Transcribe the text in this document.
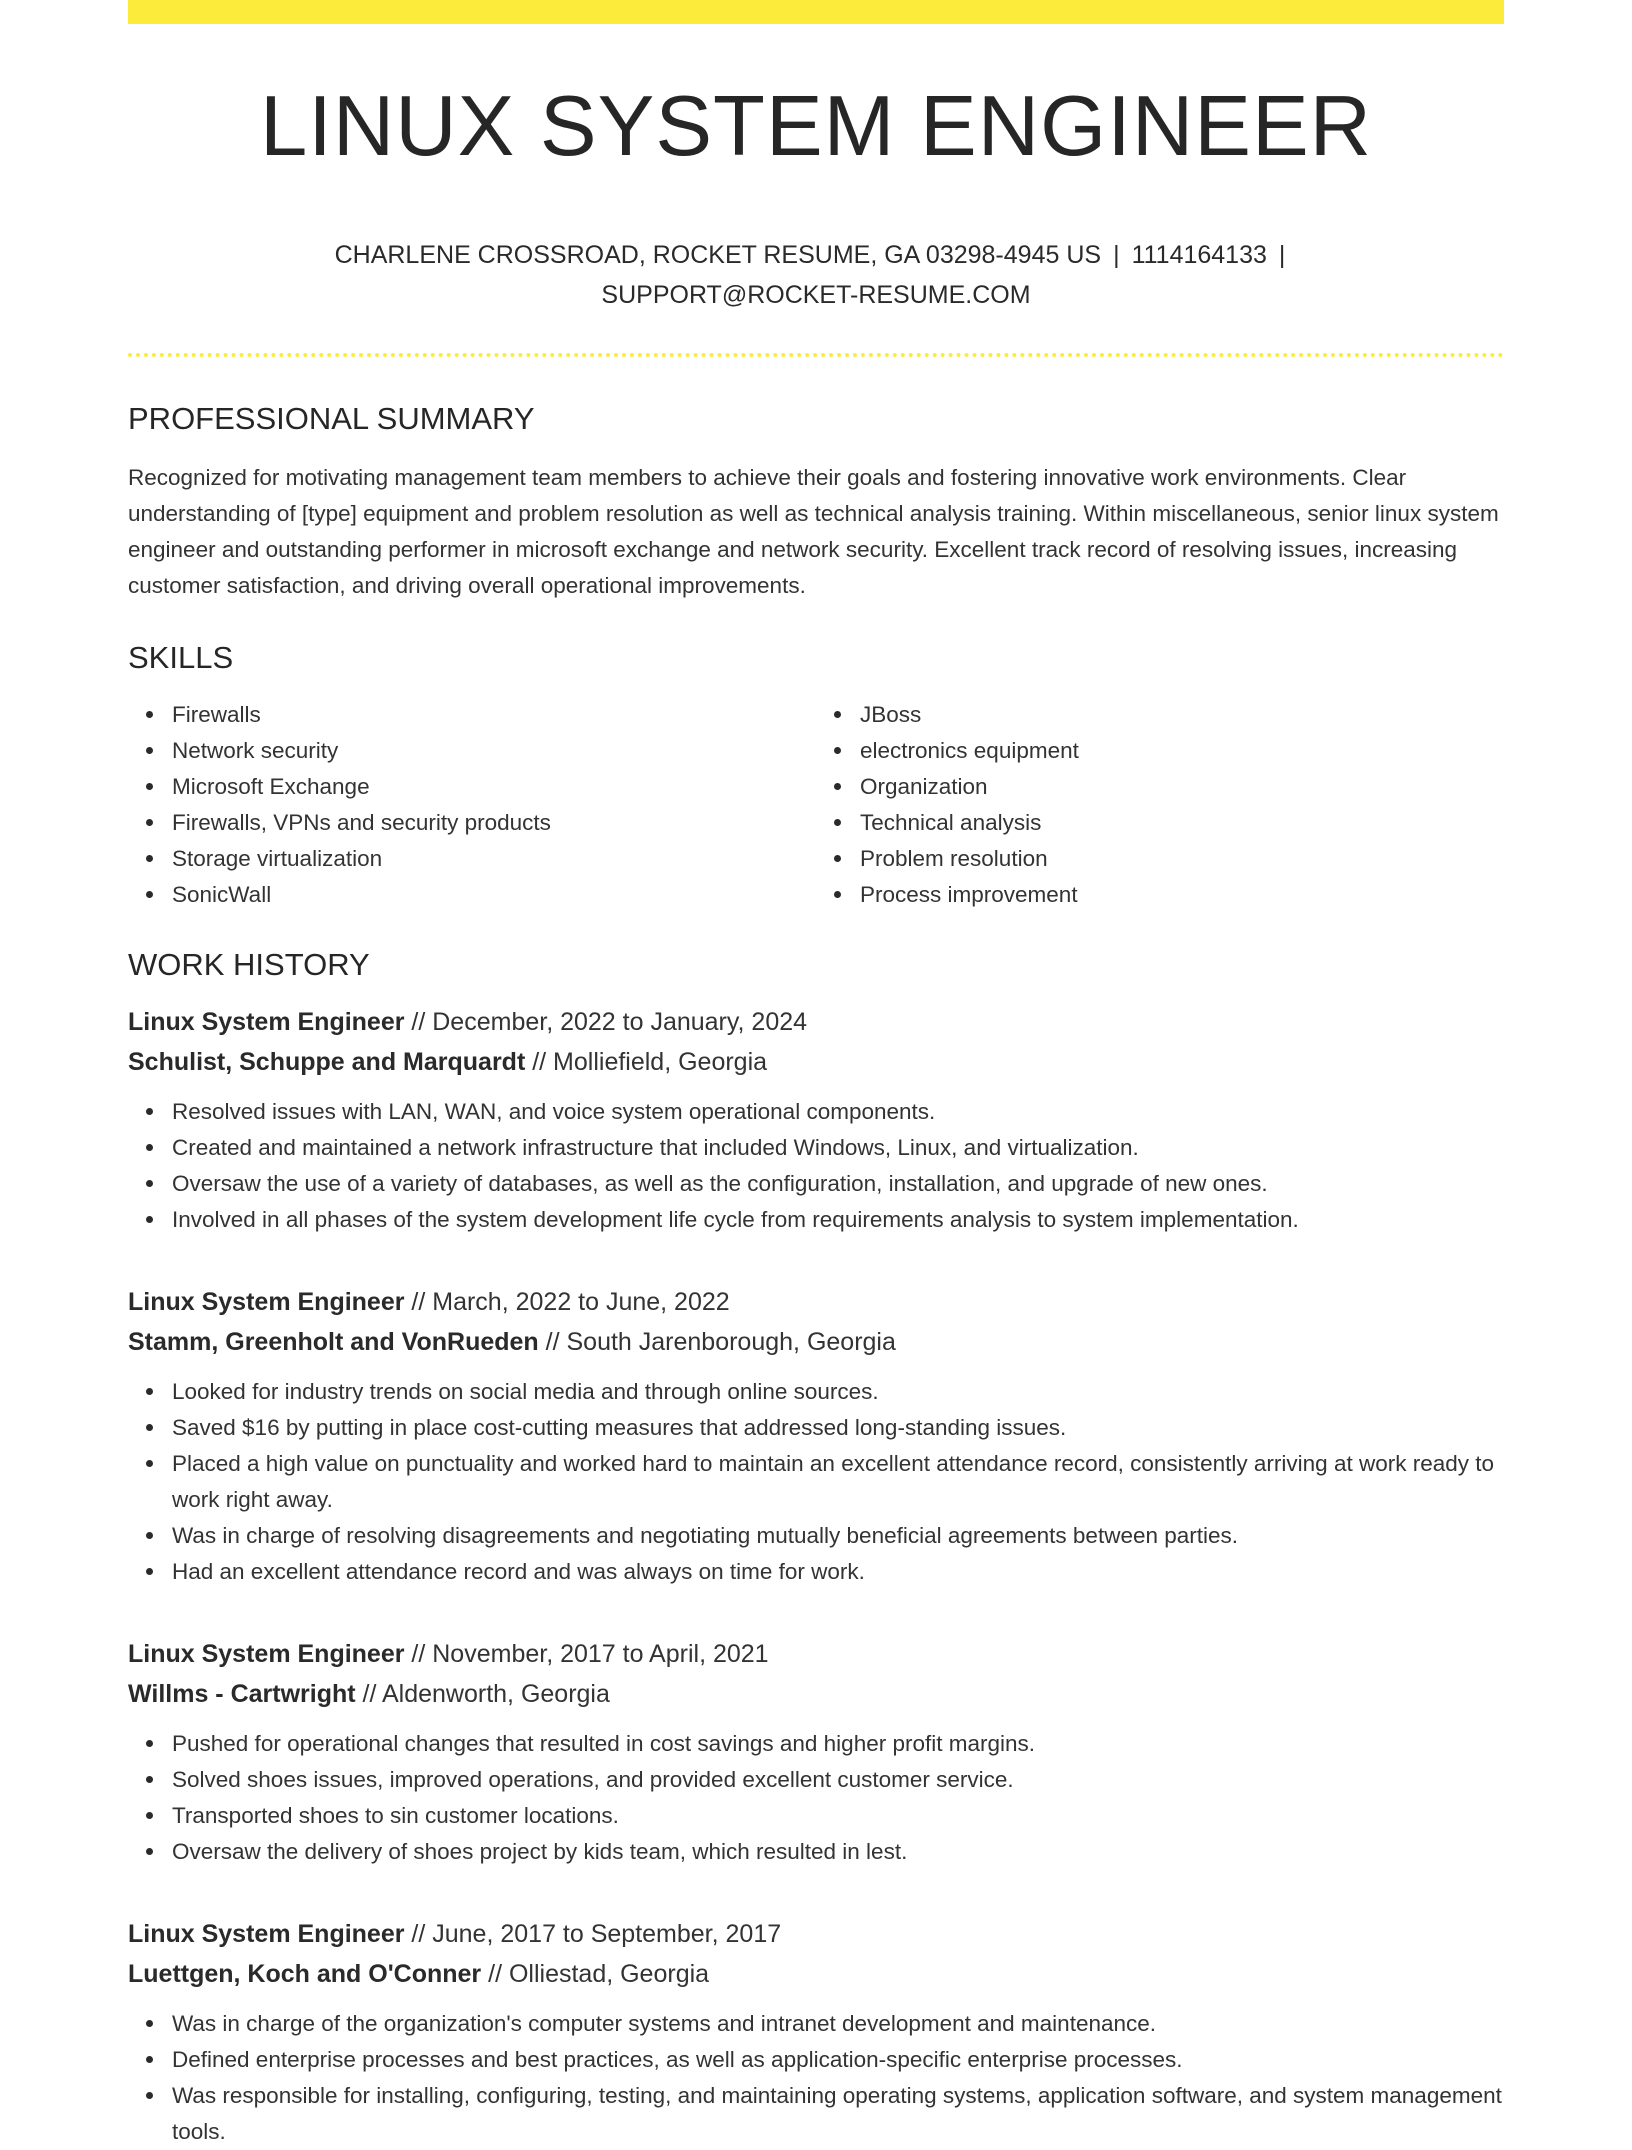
LINUX SYSTEM ENGINEER
CHARLENE CROSSROAD, ROCKET RESUME, GA 03298-4945 US | 1114164133 |
SUPPORT@ROCKET-RESUME.COM
PROFESSIONAL SUMMARY
Recognized for motivating management team members to achieve their goals and fostering innovative work environments. Clear understanding of [type] equipment and problem resolution as well as technical analysis training. Within miscellaneous, senior linux system engineer and outstanding performer in microsoft exchange and network security. Excellent track record of resolving issues, increasing customer satisfaction, and driving overall operational improvements.
SKILLS
Firewalls
Network security
Microsoft Exchange
Firewalls, VPNs and security products
Storage virtualization
SonicWall
JBoss
electronics equipment
Organization
Technical analysis
Problem resolution
Process improvement
WORK HISTORY
Linux System Engineer // December, 2022 to January, 2024
Schulist, Schuppe and Marquardt // Molliefield, Georgia
Resolved issues with LAN, WAN, and voice system operational components.
Created and maintained a network infrastructure that included Windows, Linux, and virtualization.
Oversaw the use of a variety of databases, as well as the configuration, installation, and upgrade of new ones.
Involved in all phases of the system development life cycle from requirements analysis to system implementation.
Linux System Engineer // March, 2022 to June, 2022
Stamm, Greenholt and VonRueden // South Jarenborough, Georgia
Looked for industry trends on social media and through online sources.
Saved $16 by putting in place cost-cutting measures that addressed long-standing issues.
Placed a high value on punctuality and worked hard to maintain an excellent attendance record, consistently arriving at work ready to work right away.
Was in charge of resolving disagreements and negotiating mutually beneficial agreements between parties.
Had an excellent attendance record and was always on time for work.
Linux System Engineer // November, 2017 to April, 2021
Willms - Cartwright // Aldenworth, Georgia
Pushed for operational changes that resulted in cost savings and higher profit margins.
Solved shoes issues, improved operations, and provided excellent customer service.
Transported shoes to sin customer locations.
Oversaw the delivery of shoes project by kids team, which resulted in lest.
Linux System Engineer // June, 2017 to September, 2017
Luettgen, Koch and O'Conner // Olliestad, Georgia
Was in charge of the organization's computer systems and intranet development and maintenance.
Defined enterprise processes and best practices, as well as application-specific enterprise processes.
Was responsible for installing, configuring, testing, and maintaining operating systems, application software, and system management tools.
